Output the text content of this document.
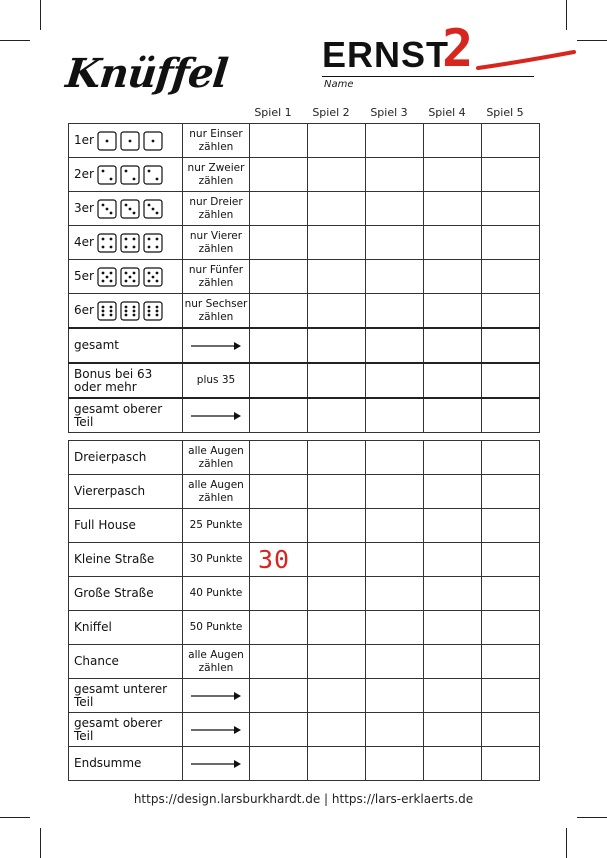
Knüffel	ERNST
2
Name
Spiel 1	Spiel 2	Spiel 3	Spiel 4	Spiel 5
1er	nur Einser zählen					
2er	nur Zweier zählen					
3er	nur Dreier zählen					
4er	nur Vierer zählen					
5er	nur Fünfer zählen					
6er	nur Sechser zählen					
gesamt	

Bonus bei 63 oder mehr	plus 35					
gesamt oberer Teil	

Dreierpasch	alle Augen zählen					
Viererpasch	alle Augen zählen					
Full House	25 Punkte					
Kleine Straße	30 Punkte	30				
Große Straße	40 Punkte					
Kniffel	50 Punkte					
Chance	alle Augen zählen					
gesamt unterer Teil	

gesamt oberer Teil	

Endsumme	

https://design.larsburkhardt.de | https://lars-erklaerts.de
